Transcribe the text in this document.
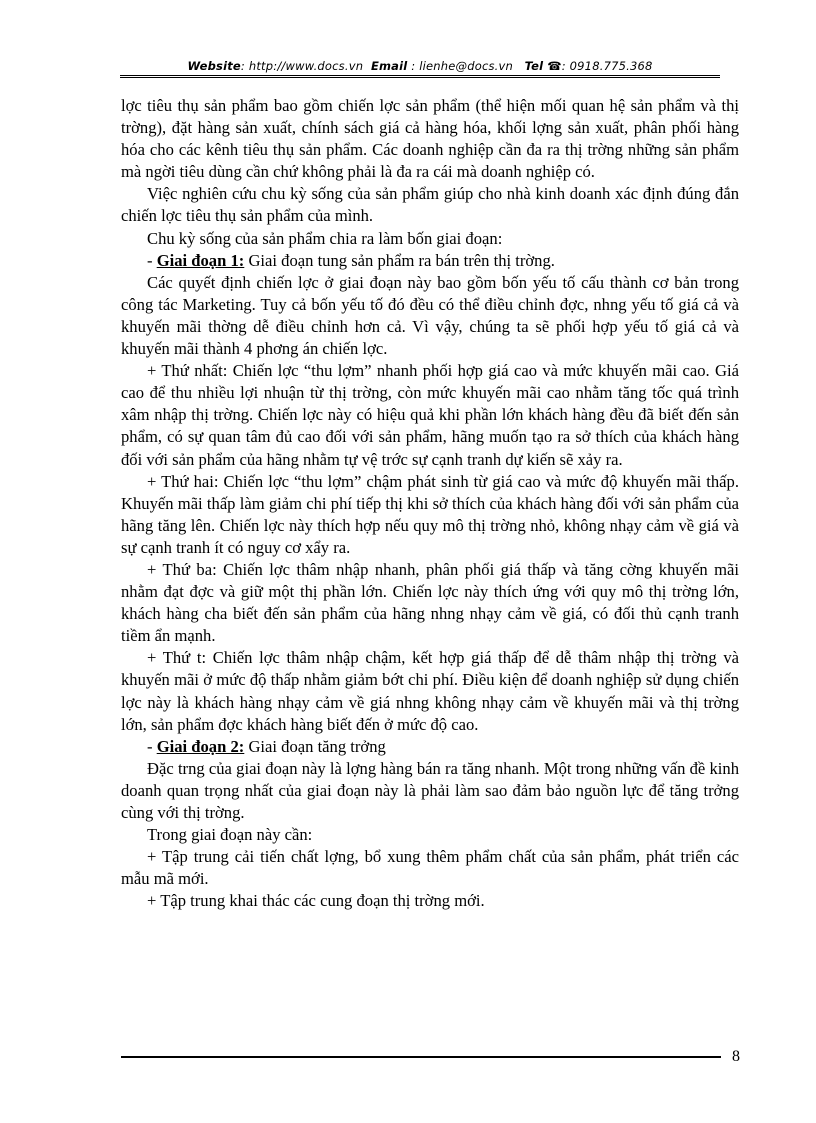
Website: http://www.docs.vn Email : lienhe@docs.vn Tel ☎: 0918.775.368

lợc tiêu thụ sản phẩm bao gồm chiến lợc sản phẩm (thể hiện mối quan hệ sản phẩm và thị trờng), đặt hàng sản xuất, chính sách giá cả hàng hóa, khối lợng sản xuất, phân phối hàng hóa cho các kênh tiêu thụ sản phẩm. Các doanh nghiệp cần đa ra thị trờng những sản phẩm mà ngời tiêu dùng cần chứ không phải là đa ra cái mà doanh nghiệp có.

Việc nghiên cứu chu kỳ sống của sản phẩm giúp cho nhà kinh doanh xác định đúng đắn chiến lợc tiêu thụ sản phẩm của mình.

Chu kỳ sống của sản phẩm chia ra làm bốn giai đoạn:

- Giai đoạn 1: Giai đoạn tung sản phẩm ra bán trên thị trờng.

Các quyết định chiến lợc ở giai đoạn này bao gồm bốn yếu tố cấu thành cơ bản trong công tác Marketing. Tuy cả bốn yếu tố đó đều có thể điều chỉnh đợc, nhng yếu tố giá cả và khuyến mãi thờng dễ điều chỉnh hơn cả. Vì vậy, chúng ta sẽ phối hợp yếu tố giá cả và khuyến mãi thành 4 phơng án chiến lợc.

+ Thứ nhất: Chiến lợc “thu lợm” nhanh phối hợp giá cao và mức khuyến mãi cao. Giá cao để thu nhiều lợi nhuận từ thị trờng, còn mức khuyến mãi cao nhằm tăng tốc quá trình xâm nhập thị trờng. Chiến lợc này có hiệu quả khi phần lớn khách hàng đều đã biết đến sản phẩm, có sự quan tâm đủ cao đối với sản phẩm, hãng muốn tạo ra sở thích của khách hàng đối với sản phẩm của hãng nhằm tự vệ trớc sự cạnh tranh dự kiến sẽ xảy ra.

+ Thứ hai: Chiến lợc “thu lợm” chậm phát sinh từ giá cao và mức độ khuyến mãi thấp. Khuyến mãi thấp làm giảm chi phí tiếp thị khi sở thích của khách hàng đối với sản phẩm của hãng tăng lên. Chiến lợc này thích hợp nếu quy mô thị trờng nhỏ, không nhạy cảm về giá và sự cạnh tranh ít có nguy cơ xẩy ra.

+ Thứ ba: Chiến lợc thâm nhập nhanh, phân phối giá thấp và tăng cờng khuyến mãi nhằm đạt đợc và giữ một thị phần lớn. Chiến lợc này thích ứng với quy mô thị trờng lớn, khách hàng cha biết đến sản phẩm của hãng nhng nhạy cảm về giá, có đối thủ cạnh tranh tiềm ẩn mạnh.

+ Thứ t: Chiến lợc thâm nhập chậm, kết hợp giá thấp để dễ thâm nhập thị trờng và khuyến mãi ở mức độ thấp nhằm giảm bớt chi phí. Điều kiện để doanh nghiệp sử dụng chiến lợc này là khách hàng nhạy cảm về giá nhng không nhạy cảm về khuyến mãi và thị trờng lớn, sản phẩm đợc khách hàng biết đến ở mức độ cao.

- Giai đoạn 2: Giai đoạn tăng trởng

Đặc trng của giai đoạn này là lợng hàng bán ra tăng nhanh. Một trong những vấn đề kinh doanh quan trọng nhất của giai đoạn này là phải làm sao đảm bảo nguồn lực để tăng trởng cùng với thị trờng.

Trong giai đoạn này cần:

+ Tập trung cải tiến chất lợng, bổ xung thêm phẩm chất của sản phẩm, phát triển các mẫu mã mới.

+ Tập trung khai thác các cung đoạn thị trờng mới.

8
